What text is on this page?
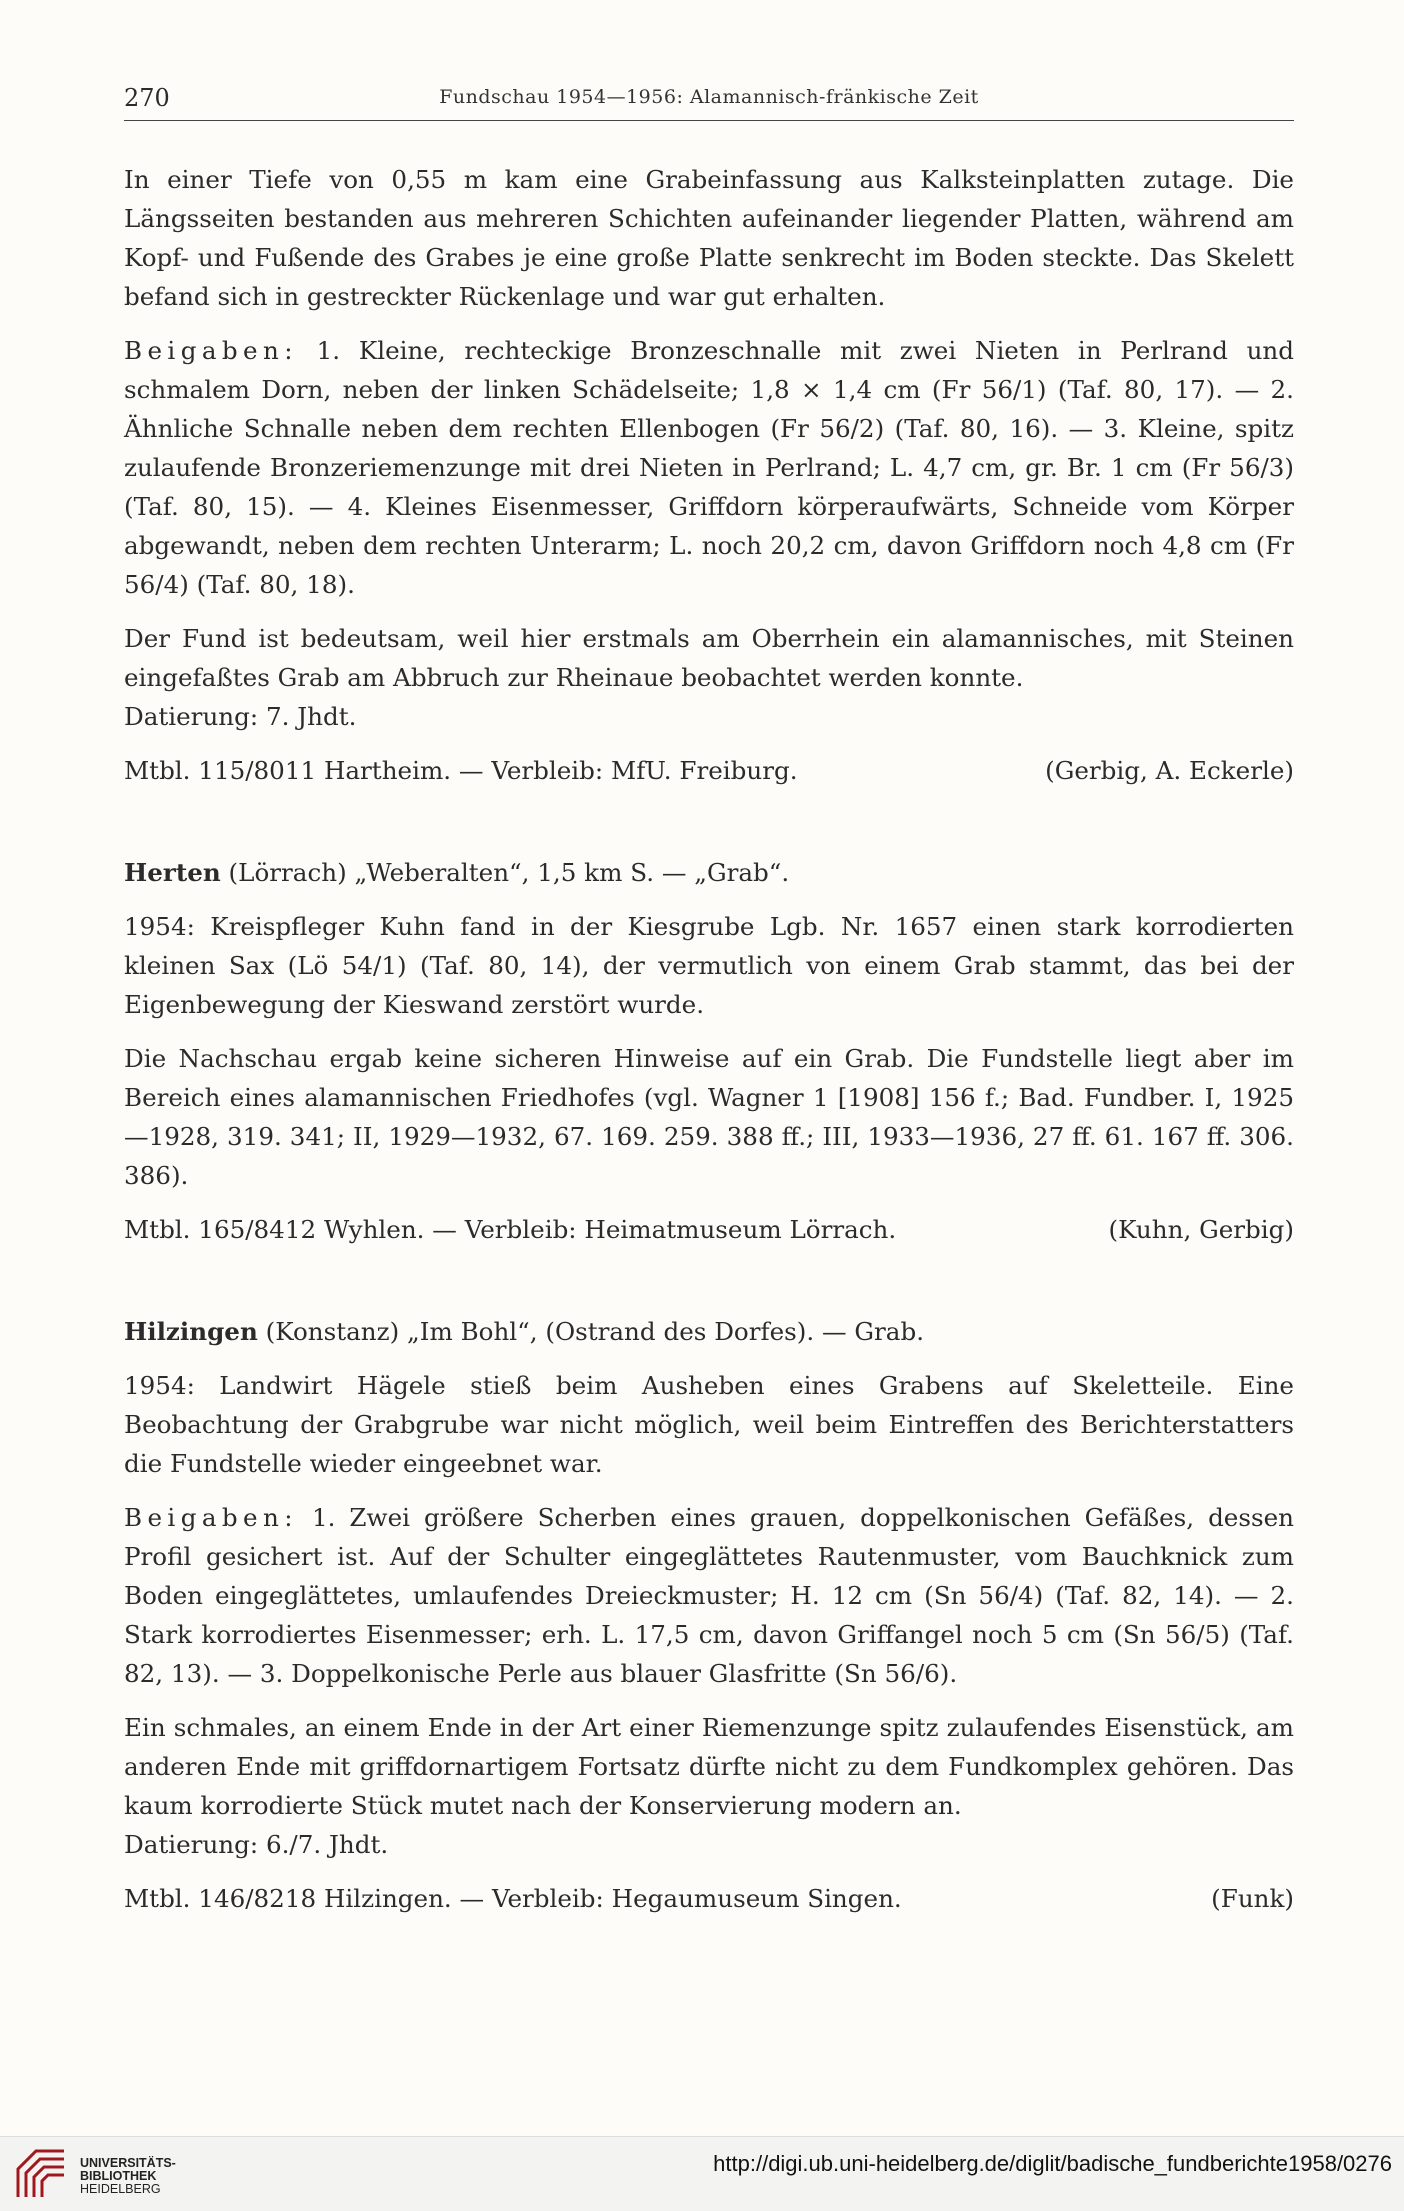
270	Fundschau 1954—1956: Alamannisch-fränkische Zeit

In einer Tiefe von 0,55 m kam eine Grabeinfassung aus Kalksteinplatten zutage. Die Längsseiten bestanden aus mehreren Schichten aufeinander liegender Platten, während am Kopf- und Fußende des Grabes je eine große Platte senkrecht im Boden steckte. Das Skelett befand sich in gestreckter Rückenlage und war gut erhalten.

Beigaben: 1. Kleine, rechteckige Bronzeschnalle mit zwei Nieten in Perlrand und schmalem Dorn, neben der linken Schädelseite; 1,8 × 1,4 cm (Fr 56/1) (Taf. 80, 17). — 2. Ähnliche Schnalle neben dem rechten Ellenbogen (Fr 56/2) (Taf. 80, 16). — 3. Kleine, spitz zulaufende Bronzeriemenzunge mit drei Nieten in Perlrand; L. 4,7 cm, gr. Br. 1 cm (Fr 56/3) (Taf. 80, 15). — 4. Kleines Eisenmesser, Griffdorn körperaufwärts, Schneide vom Körper abgewandt, neben dem rechten Unterarm; L. noch 20,2 cm, davon Griffdorn noch 4,8 cm (Fr 56/4) (Taf. 80, 18).

Der Fund ist bedeutsam, weil hier erstmals am Oberrhein ein alamannisches, mit Steinen eingefaßtes Grab am Abbruch zur Rheinaue beobachtet werden konnte.

Datierung: 7. Jhdt.

Mtbl. 115/8011 Hartheim. — Verbleib: MfU. Freiburg.	(Gerbig, A. Eckerle)

Herten (Lörrach) „Weberalten“, 1,5 km S. — „Grab“.

1954: Kreispfleger Kuhn fand in der Kiesgrube Lgb. Nr. 1657 einen stark korrodierten kleinen Sax (Lö 54/1) (Taf. 80, 14), der vermutlich von einem Grab stammt, das bei der Eigenbewegung der Kieswand zerstört wurde.

Die Nachschau ergab keine sicheren Hinweise auf ein Grab. Die Fundstelle liegt aber im Bereich eines alamannischen Friedhofes (vgl. Wagner 1 [1908] 156 f.; Bad. Fundber. I, 1925—1928, 319. 341; II, 1929—1932, 67. 169. 259. 388 ff.; III, 1933—1936, 27 ff. 61. 167 ff. 306. 386).

Mtbl. 165/8412 Wyhlen. — Verbleib: Heimatmuseum Lörrach.	(Kuhn, Gerbig)

Hilzingen (Konstanz) „Im Bohl“, (Ostrand des Dorfes). — Grab.

1954: Landwirt Hägele stieß beim Ausheben eines Grabens auf Skeletteile. Eine Beobachtung der Grabgrube war nicht möglich, weil beim Eintreffen des Berichterstatters die Fundstelle wieder eingeebnet war.

Beigaben: 1. Zwei größere Scherben eines grauen, doppelkonischen Gefäßes, dessen Profil gesichert ist. Auf der Schulter eingeglättetes Rautenmuster, vom Bauchknick zum Boden eingeglättetes, umlaufendes Dreieckmuster; H. 12 cm (Sn 56/4) (Taf. 82, 14). — 2. Stark korrodiertes Eisenmesser; erh. L. 17,5 cm, davon Griffangel noch 5 cm (Sn 56/5) (Taf. 82, 13). — 3. Doppelkonische Perle aus blauer Glasfritte (Sn 56/6).

Ein schmales, an einem Ende in der Art einer Riemenzunge spitz zulaufendes Eisenstück, am anderen Ende mit griffdornartigem Fortsatz dürfte nicht zu dem Fundkomplex gehören. Das kaum korrodierte Stück mutet nach der Konservierung modern an.

Datierung: 6./7. Jhdt.

Mtbl. 146/8218 Hilzingen. — Verbleib: Hegaumuseum Singen.	(Funk)
UNIVERSITÄTS-
BIBLIOTHEK
HEIDELBERG
http://digi.ub.uni-heidelberg.de/diglit/badische_fundberichte1958/0276
